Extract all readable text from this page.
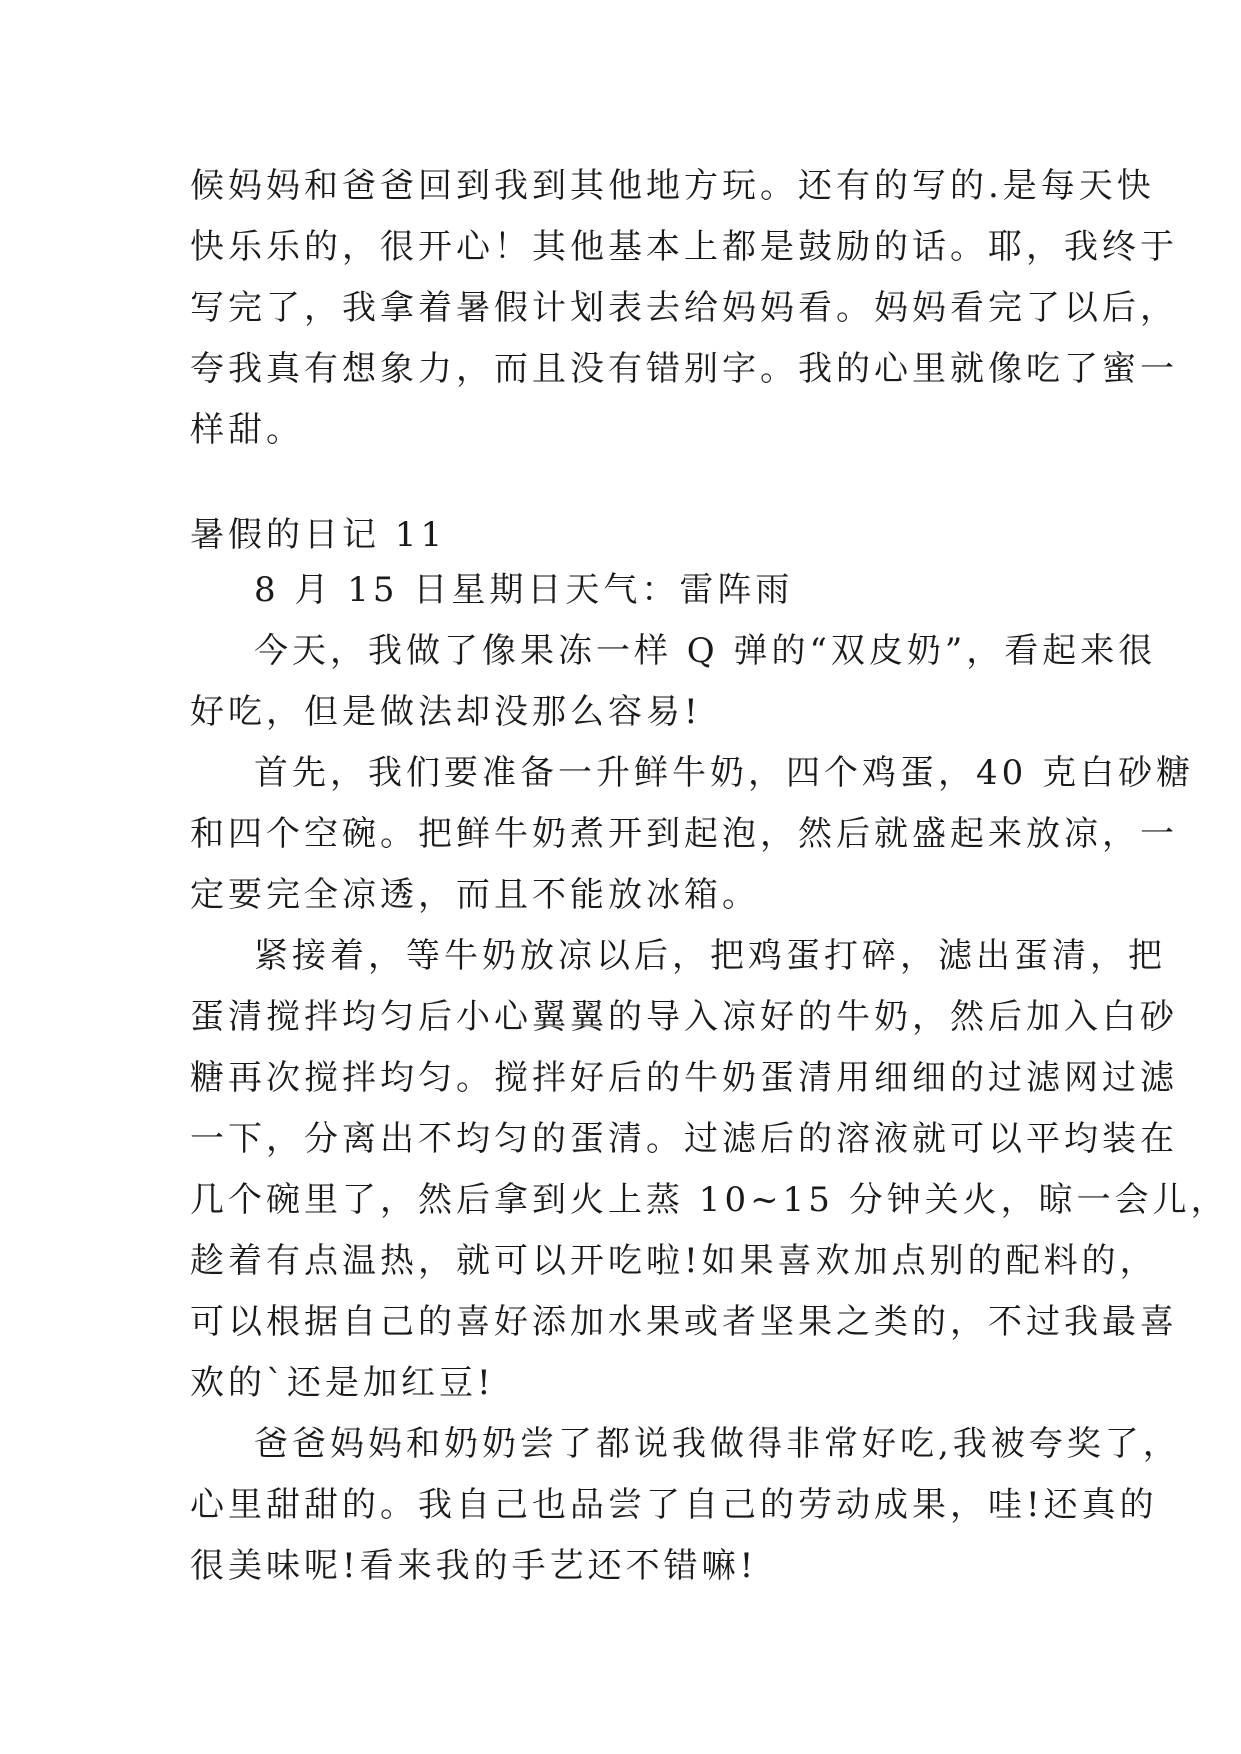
候妈妈和爸爸回到我到其他地方玩。还有的写的.是每天快
快乐乐的，很开心！其他基本上都是鼓励的话。耶，我终于
写完了，我拿着暑假计划表去给妈妈看。妈妈看完了以后，
夸我真有想象力，而且没有错别字。我的心里就像吃了蜜一
样甜。
暑假的日记 11
8 月 15 日星期日天气：雷阵雨
今天，我做了像果冻一样 Q 弹的“双皮奶”，看起来很
好吃，但是做法却没那么容易!
首先，我们要准备一升鲜牛奶，四个鸡蛋，40 克白砂糖
和四个空碗。把鲜牛奶煮开到起泡，然后就盛起来放凉，一
定要完全凉透，而且不能放冰箱。
紧接着，等牛奶放凉以后，把鸡蛋打碎，滤出蛋清，把
蛋清搅拌均匀后小心翼翼的导入凉好的牛奶，然后加入白砂
糖再次搅拌均匀。搅拌好后的牛奶蛋清用细细的过滤网过滤
一下，分离出不均匀的蛋清。过滤后的溶液就可以平均装在
几个碗里了，然后拿到火上蒸 10~15 分钟关火，晾一会儿，
趁着有点温热，就可以开吃啦!如果喜欢加点别的配料的，
可以根据自己的喜好添加水果或者坚果之类的，不过我最喜
欢的`还是加红豆!
爸爸妈妈和奶奶尝了都说我做得非常好吃,我被夸奖了，
心里甜甜的。我自己也品尝了自己的劳动成果，哇!还真的
很美味呢!看来我的手艺还不错嘛!
